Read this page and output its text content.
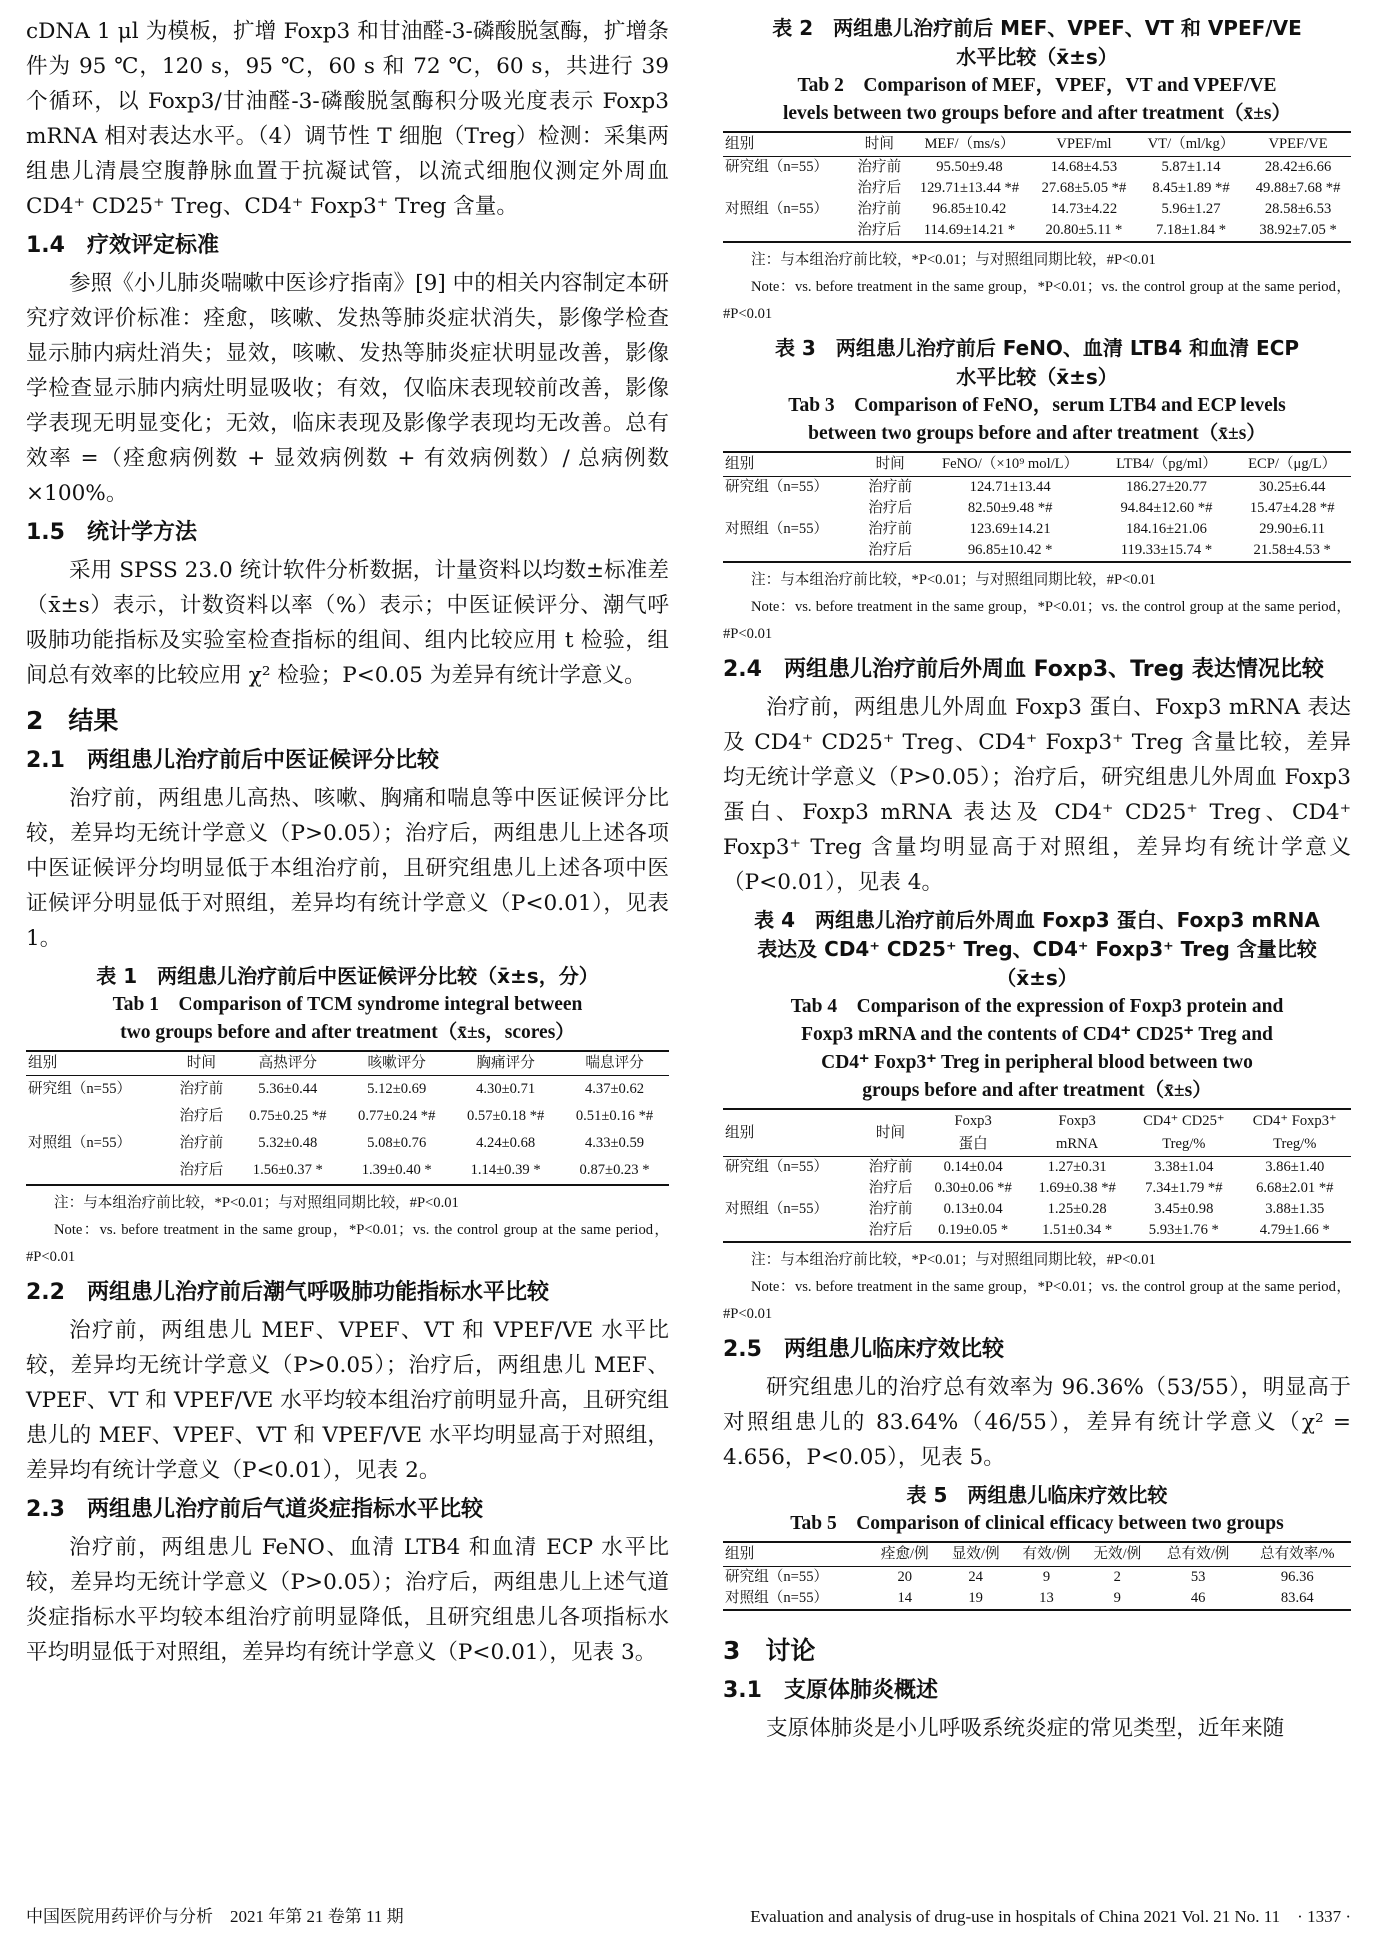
cDNA 1 μl 为模板，扩增 Foxp3 和甘油醛-3-磷酸脱氢酶，扩增条件为 95 ℃，120 s，95 ℃，60 s 和 72 ℃，60 s，共进行 39 个循环，以 Foxp3/甘油醛-3-磷酸脱氢酶积分吸光度表示 Foxp3 mRNA 相对表达水平。（4）调节性 T 细胞（Treg）检测：采集两组患儿清晨空腹静脉血置于抗凝试管，以流式细胞仪测定外周血 CD4⁺ CD25⁺ Treg、CD4⁺ Foxp3⁺ Treg 含量。

1.4　疗效评定标准

参照《小儿肺炎喘嗽中医诊疗指南》[9] 中的相关内容制定本研究疗效评价标准：痊愈，咳嗽、发热等肺炎症状消失，影像学检查显示肺内病灶消失；显效，咳嗽、发热等肺炎症状明显改善，影像学检查显示肺内病灶明显吸收；有效，仅临床表现较前改善，影像学表现无明显变化；无效，临床表现及影像学表现均无改善。总有效率 =（痊愈病例数 + 显效病例数 + 有效病例数）/ 总病例数 ×100%。

1.5　统计学方法

采用 SPSS 23.0 统计软件分析数据，计量资料以均数±标准差（x̄±s）表示，计数资料以率（%）表示；中医证候评分、潮气呼吸肺功能指标及实验室检查指标的组间、组内比较应用 t 检验，组间总有效率的比较应用 χ² 检验；P<0.05 为差异有统计学意义。

2　结果
2.1　两组患儿治疗前后中医证候评分比较

治疗前，两组患儿高热、咳嗽、胸痛和喘息等中医证候评分比较，差异均无统计学意义（P>0.05）；治疗后，两组患儿上述各项中医证候评分均明显低于本组治疗前，且研究组患儿上述各项中医证候评分明显低于对照组，差异均有统计学意义（P<0.01），见表 1。

表 1　两组患儿治疗前后中医证候评分比较（x̄±s，分）
Tab 1　Comparison of TCM syndrome integral between
two groups before and after treatment（x̄±s，scores）
组别	时间	高热评分	咳嗽评分	胸痛评分	喘息评分
研究组（n=55）	治疗前	5.36±0.44	5.12±0.69	4.30±0.71	4.37±0.62
	治疗后	0.75±0.25 *#	0.77±0.24 *#	0.57±0.18 *#	0.51±0.16 *#
对照组（n=55）	治疗前	5.32±0.48	5.08±0.76	4.24±0.68	4.33±0.59
	治疗后	1.56±0.37 *	1.39±0.40 *	1.14±0.39 *	0.87±0.23 *
注：与本组治疗前比较，*P<0.01；与对照组同期比较，#P<0.01
Note：vs. before treatment in the same group，*P<0.01；vs. the control group at the same period，#P<0.01
2.2　两组患儿治疗前后潮气呼吸肺功能指标水平比较

治疗前，两组患儿 MEF、VPEF、VT 和 VPEF/VE 水平比较，差异均无统计学意义（P>0.05）；治疗后，两组患儿 MEF、VPEF、VT 和 VPEF/VE 水平均较本组治疗前明显升高，且研究组患儿的 MEF、VPEF、VT 和 VPEF/VE 水平均明显高于对照组，差异均有统计学意义（P<0.01），见表 2。

2.3　两组患儿治疗前后气道炎症指标水平比较

治疗前，两组患儿 FeNO、血清 LTB4 和血清 ECP 水平比较，差异均无统计学意义（P>0.05）；治疗后，两组患儿上述气道炎症指标水平均较本组治疗前明显降低，且研究组患儿各项指标水平均明显低于对照组，差异均有统计学意义（P<0.01），见表 3。

表 2　两组患儿治疗前后 MEF、VPEF、VT 和 VPEF/VE
水平比较（x̄±s）
Tab 2　Comparison of MEF，VPEF，VT and VPEF/VE
levels between two groups before and after treatment（x̄±s）
组别	时间	MEF/（ms/s）	VPEF/ml	VT/（ml/kg）	VPEF/VE
研究组（n=55）	治疗前	95.50±9.48	14.68±4.53	5.87±1.14	28.42±6.66
	治疗后	129.71±13.44 *#	27.68±5.05 *#	8.45±1.89 *#	49.88±7.68 *#
对照组（n=55）	治疗前	96.85±10.42	14.73±4.22	5.96±1.27	28.58±6.53
	治疗后	114.69±14.21 *	20.80±5.11 *	7.18±1.84 *	38.92±7.05 *
注：与本组治疗前比较，*P<0.01；与对照组同期比较，#P<0.01
Note：vs. before treatment in the same group，*P<0.01；vs. the control group at the same period，#P<0.01
表 3　两组患儿治疗前后 FeNO、血清 LTB4 和血清 ECP
水平比较（x̄±s）
Tab 3　Comparison of FeNO，serum LTB4 and ECP levels
between two groups before and after treatment（x̄±s）
组别	时间	FeNO/（×10⁹ mol/L）	LTB4/（pg/ml）	ECP/（μg/L）
研究组（n=55）	治疗前	124.71±13.44	186.27±20.77	30.25±6.44
	治疗后	82.50±9.48 *#	94.84±12.60 *#	15.47±4.28 *#
对照组（n=55）	治疗前	123.69±14.21	184.16±21.06	29.90±6.11
	治疗后	96.85±10.42 *	119.33±15.74 *	21.58±4.53 *
注：与本组治疗前比较，*P<0.01；与对照组同期比较，#P<0.01
Note：vs. before treatment in the same group，*P<0.01；vs. the control group at the same period，#P<0.01
2.4　两组患儿治疗前后外周血 Foxp3、Treg 表达情况比较

治疗前，两组患儿外周血 Foxp3 蛋白、Foxp3 mRNA 表达及 CD4⁺ CD25⁺ Treg、CD4⁺ Foxp3⁺ Treg 含量比较，差异均无统计学意义（P>0.05）；治疗后，研究组患儿外周血 Foxp3 蛋白、Foxp3 mRNA 表达及 CD4⁺ CD25⁺ Treg、CD4⁺ Foxp3⁺ Treg 含量均明显高于对照组，差异均有统计学意义（P<0.01），见表 4。

表 4　两组患儿治疗前后外周血 Foxp3 蛋白、Foxp3 mRNA
表达及 CD4⁺ CD25⁺ Treg、CD4⁺ Foxp3⁺ Treg 含量比较（x̄±s）
Tab 4　Comparison of the expression of Foxp3 protein and
Foxp3 mRNA and the contents of CD4⁺ CD25⁺ Treg and
CD4⁺ Foxp3⁺ Treg in peripheral blood between two
groups before and after treatment（x̄±s）
组别	时间	Foxp3	Foxp3	CD4⁺ CD25⁺	CD4⁺ Foxp3⁺
		蛋白	mRNA	Treg/%	Treg/%
研究组（n=55）	治疗前	0.14±0.04	1.27±0.31	3.38±1.04	3.86±1.40
	治疗后	0.30±0.06 *#	1.69±0.38 *#	7.34±1.79 *#	6.68±2.01 *#
对照组（n=55）	治疗前	0.13±0.04	1.25±0.28	3.45±0.98	3.88±1.35
	治疗后	0.19±0.05 *	1.51±0.34 *	5.93±1.76 *	4.79±1.66 *
注：与本组治疗前比较，*P<0.01；与对照组同期比较，#P<0.01
Note：vs. before treatment in the same group，*P<0.01；vs. the control group at the same period，#P<0.01
2.5　两组患儿临床疗效比较

研究组患儿的治疗总有效率为 96.36%（53/55），明显高于对照组患儿的 83.64%（46/55），差异有统计学意义（χ² = 4.656，P<0.05），见表 5。

表 5　两组患儿临床疗效比较
Tab 5　Comparison of clinical efficacy between two groups
组别	痊愈/例	显效/例	有效/例	无效/例	总有效/例	总有效率/%
研究组（n=55）	20	24	9	2	53	96.36
对照组（n=55）	14	19	13	9	46	83.64
3　讨论
3.1　支原体肺炎概述

支原体肺炎是小儿呼吸系统炎症的常见类型，近年来随

中国医院用药评价与分析　2021 年第 21 卷第 11 期	Evaluation and analysis of drug-use in hospitals of China 2021 Vol. 21 No. 11　· 1337 ·
